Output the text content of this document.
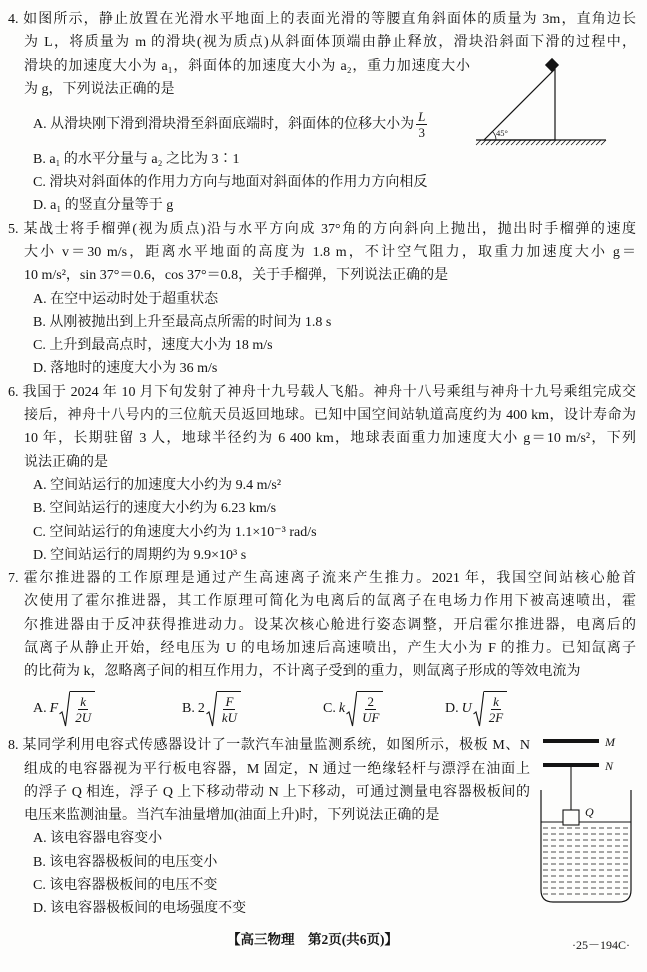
4. 如图所示，静止放置在光滑水平地面上的表面光滑的等腰直角斜面体的质量为 3m，直角边长
为 L，将质量为 m 的滑块(视为质点)从斜面体顶端由静止释放，滑块沿斜面下滑的过程中，
滑块的加速度大小为 a₁，斜面体的加速度大小为 a₂，重力加速度大小
为 g，下列说法正确的是
A. 从滑块刚下滑到滑块滑至斜面底端时，斜面体的位移大小为 $\frac{L}{3}$
B. a₁ 的水平分量与 a₂ 之比为 3∶1
C. 滑块对斜面体的作用力方向与地面对斜面体的作用力方向相反
D. a₁ 的竖直分量等于 g
5. 某战士将手榴弹(视为质点)沿与水平方向成 37°角的方向斜向上抛出，抛出时手榴弹的速度
大小 v＝30 m/s，距离水平地面的高度为 1.8 m，不计空气阻力，取重力加速度大小 g＝
10 m/s²，sin 37°＝0.6，cos 37°＝0.8，关于手榴弹，下列说法正确的是
A. 在空中运动时处于超重状态
B. 从刚被抛出到上升至最高点所需的时间为 1.8 s
C. 上升到最高点时，速度大小为 18 m/s
D. 落地时的速度大小为 36 m/s
6. 我国于 2024 年 10 月下旬发射了神舟十九号载人飞船。神舟十八号乘组与神舟十九号乘组完成交
接后，神舟十八号内的三位航天员返回地球。已知中国空间站轨道高度约为 400 km，设计寿命为
10 年，长期驻留 3 人，地球半径约为 6 400 km，地球表面重力加速度大小 g＝10 m/s²，下列
说法正确的是
A. 空间站运行的加速度大小约为 9.4 m/s²
B. 空间站运行的速度大小约为 6.23 km/s
C. 空间站运行的角速度大小约为 1.1×10⁻³ rad/s
D. 空间站运行的周期约为 9.9×10³ s
7. 霍尔推进器的工作原理是通过产生高速离子流来产生推力。2021 年，我国空间站核心舱首
次使用了霍尔推进器，其工作原理可简化为电离后的氙离子在电场力作用下被高速喷出，霍
尔推进器由于反冲获得推进动力。设某次核心舱进行姿态调整，开启霍尔推进器，电离后的
氙离子从静止开始，经电压为 U 的电场加速后高速喷出，产生大小为 F 的推力。已知氙离子
的比荷为 k，忽略离子间的相互作用力，不计离子受到的重力，则氙离子形成的等效电流为
A. F $\frac{k}{2U}$	B. $2 \frac{F}{kU}$	C. k $\frac{2}{UF}$	D. U $\frac{k}{2F}$
8. 某同学利用电容式传感器设计了一款汽车油量监测系统，如图所示，极板 M、N
组成的电容器视为平行板电容器，M 固定，N 通过一绝缘轻杆与漂浮在油面上
的浮子 Q 相连，浮子 Q 上下移动带动 N 上下移动，可通过测量电容器极板间的
电压来监测油量。当汽车油量增加(油面上升)时，下列说法正确的是
A. 该电容器电容变小
B. 该电容器极板间的电压变小
C. 该电容器极板间的电压不变
D. 该电容器极板间的电场强度不变
45°
M
N
Q
【高三物理　第2页(共6页)】	·25－194C·
